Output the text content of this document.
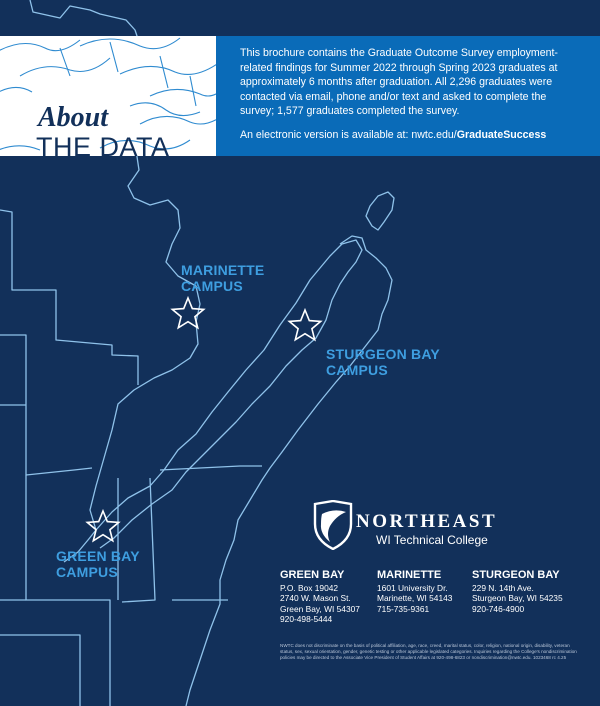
About
THE DATA

This brochure contains the Graduate Outcome Survey employment-related findings for Summer 2022 through Spring 2023 graduates at approximately 6 months after graduation. All 2,296 graduates were contacted via email, phone and/or text and asked to complete the survey; 1,577 graduates completed the survey.

An electronic version is available at: nwtc.edu/GraduateSuccess

MARINETTE
CAMPUS
STURGEON BAY
CAMPUS
GREEN BAY
CAMPUS
NORTHEAST
WI Technical College
GREEN BAY
P.O. Box 19042
2740 W. Mason St.
Green Bay, WI 54307
920-498-5444
MARINETTE
1601 University Dr.
Marinette, WI 54143
715-735-9361
STURGEON BAY
229 N. 14th Ave.
Sturgeon Bay, WI 54235
920-746-4900
NWTC does not discriminate on the basis of political affiliation, age, race, creed, marital status, color, religion, national origin, disability, veteran status, sex, sexual orientation, gender, genetic testing or other applicable legislated categories. Inquiries regarding the College's nondiscrimination policies may be directed to the Associate Vice President of Student Affairs at 920-498-6823 or nondiscrimination@nwtc.edu. 1023468 rc 4.25
